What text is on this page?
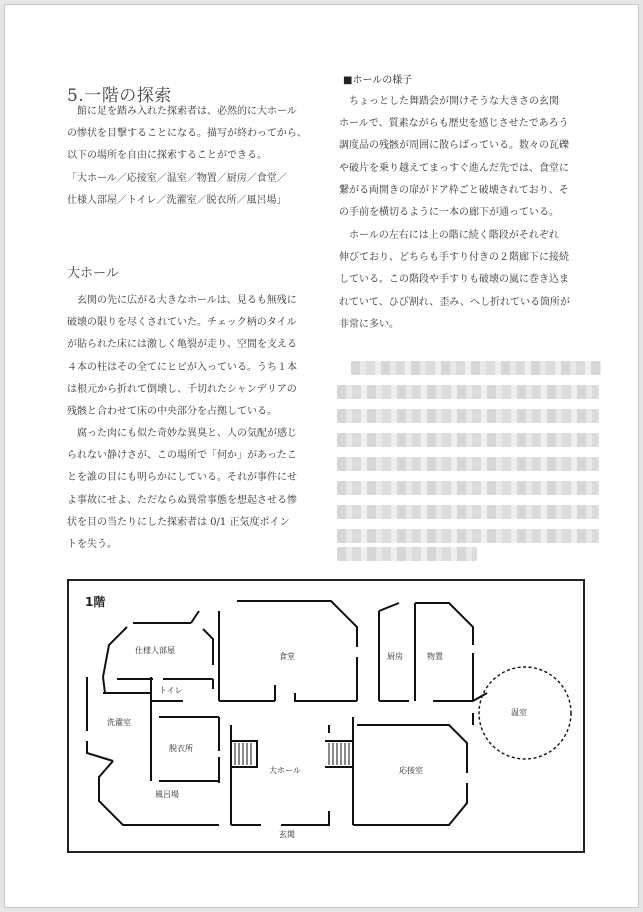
5.一階の探索

館に足を踏み入れた探索者は、必然的に大ホール
の惨状を目撃することになる。描写が終わってから、
以下の場所を自由に探索することができる。
「大ホール／応接室／温室／物置／厨房／食堂／
仕様人部屋／トイレ／洗濯室／脱衣所／風呂場」

大ホール

玄関の先に広がる大きなホールは、見るも無残に
破壊の限りを尽くされていた。チェック柄のタイル
が貼られた床には激しく亀裂が走り、空間を支える
４本の柱はその全てにヒビが入っている。うち１本
は根元から折れて倒壊し、千切れたシャンデリアの
残骸と合わせて床の中央部分を占拠している。

腐った肉にも似た奇妙な異臭と、人の気配が感じ
られない静けさが、この場所で「何か」があったこ
とを誰の目にも明らかにしている。それが事件にせ
よ事故にせよ、ただならぬ異常事態を想起させる惨
状を目の当たりにした探索者は 0/1 正気度ポイン
トを失う。

■ホールの様子

ちょっとした舞踏会が開けそうな大きさの玄関
ホールで、質素ながらも歴史を感じさせたであろう
調度品の残骸が周囲に散らばっている。数々の瓦礫
や破片を乗り越えてまっすぐ進んだ先では、食堂に
繋がる両開きの扉がドア枠ごと破壊されており、そ
の手前を横切るように一本の廊下が通っている。

ホールの左右には上の階に続く階段がそれぞれ
伸びており、どちらも手すり付きの２階廊下に接続
している。この階段や手すりも破壊の嵐に巻き込ま
れていて、ひび割れ、歪み、へし折れている箇所が
非常に多い。

1階
仕様人部屋
食堂	厨房	物置
温室
トイレ
洗濯室
脱衣所
大ホール	応接室
風呂場
玄関
